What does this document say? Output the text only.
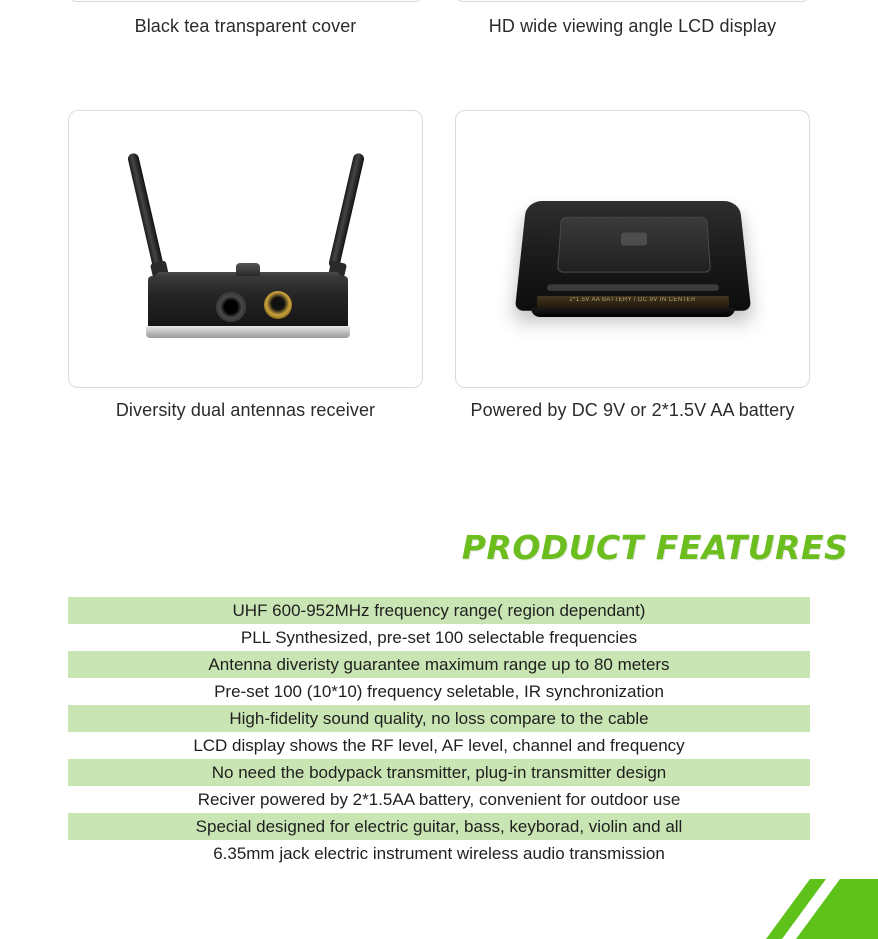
Black tea transparent cover	HD wide viewing angle LCD display
2*1.5V AA BATTERY / DC 9V IN CENTER
Diversity dual antennas receiver	Powered by DC 9V or 2*1.5V AA battery
PRODUCT FEATURES
UHF 600-952MHz frequency range( region dependant)
PLL Synthesized, pre-set 100 selectable frequencies
Antenna diveristy guarantee maximum range up to 80 meters
Pre-set 100 (10*10) frequency seletable, IR synchronization
High-fidelity sound quality, no loss compare to the cable
LCD display shows the RF level, AF level, channel and frequency
No need the bodypack transmitter, plug-in transmitter design
Reciver powered by 2*1.5AA battery, convenient for outdoor use
Special designed for electric guitar, bass, keyborad, violin and all
6.35mm jack electric instrument wireless audio transmission
